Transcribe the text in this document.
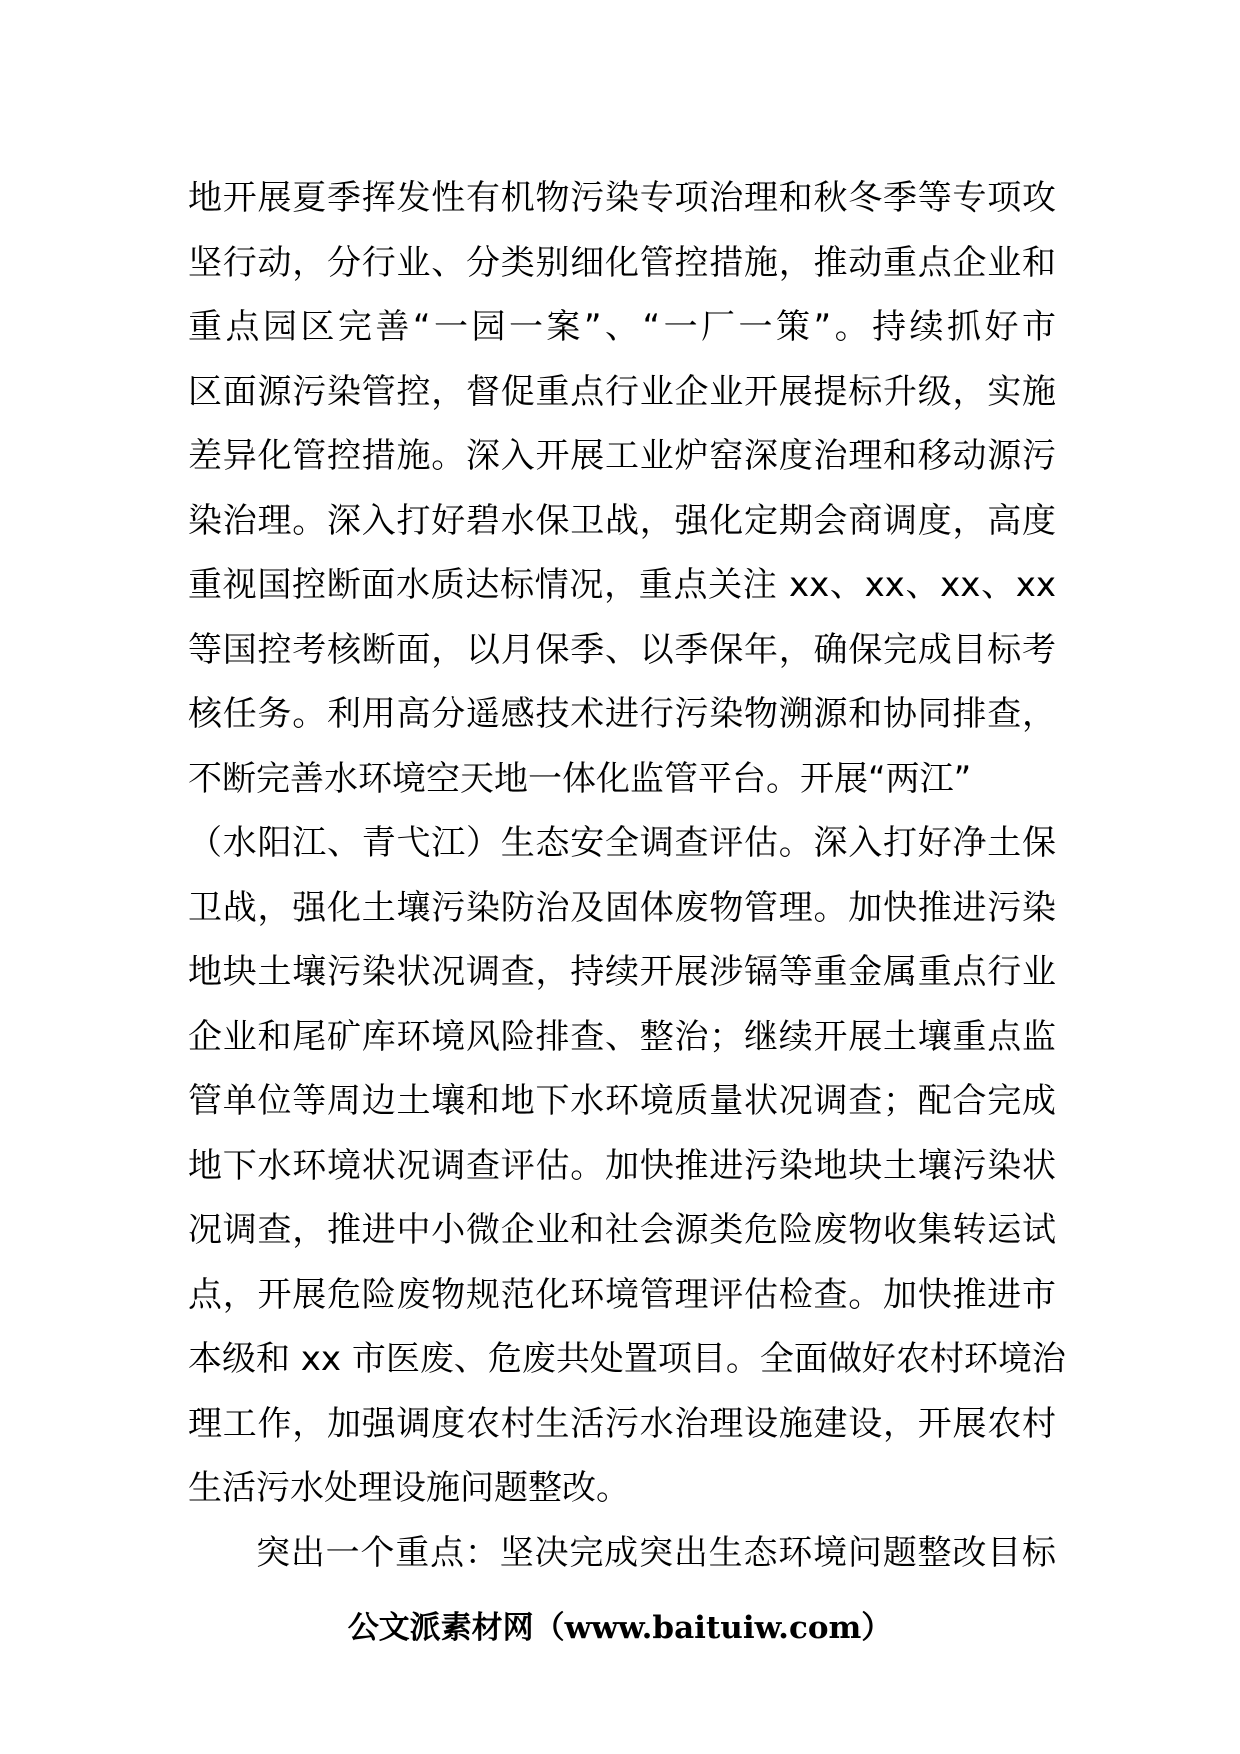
地开展夏季挥发性有机物污染专项治理和秋冬季等专项攻
坚行动，分行业、分类别细化管控措施，推动重点企业和
重点园区完善“一园一案”、“一厂一策”。持续抓好市
区面源污染管控，督促重点行业企业开展提标升级，实施
差异化管控措施。深入开展工业炉窑深度治理和移动源污
染治理。深入打好碧水保卫战，强化定期会商调度，高度
重视国控断面水质达标情况，重点关注 xx、xx、xx、xx
等国控考核断面，以月保季、以季保年，确保完成目标考
核任务。利用高分遥感技术进行污染物溯源和协同排查，
不断完善水环境空天地一体化监管平台。开展“两江”
（水阳江、青弋江）生态安全调查评估。深入打好净土保
卫战，强化土壤污染防治及固体废物管理。加快推进污染
地块土壤污染状况调查，持续开展涉镉等重金属重点行业
企业和尾矿库环境风险排查、整治；继续开展土壤重点监
管单位等周边土壤和地下水环境质量状况调查；配合完成
地下水环境状况调查评估。加快推进污染地块土壤污染状
况调查，推进中小微企业和社会源类危险废物收集转运试
点，开展危险废物规范化环境管理评估检查。加快推进市
本级和 xx 市医废、危废共处置项目。全面做好农村环境治
理工作，加强调度农村生活污水治理设施建设，开展农村
生活污水处理设施问题整改。
突出一个重点：坚决完成突出生态环境问题整改目标
公文派素材网（www.baituiw.com）
